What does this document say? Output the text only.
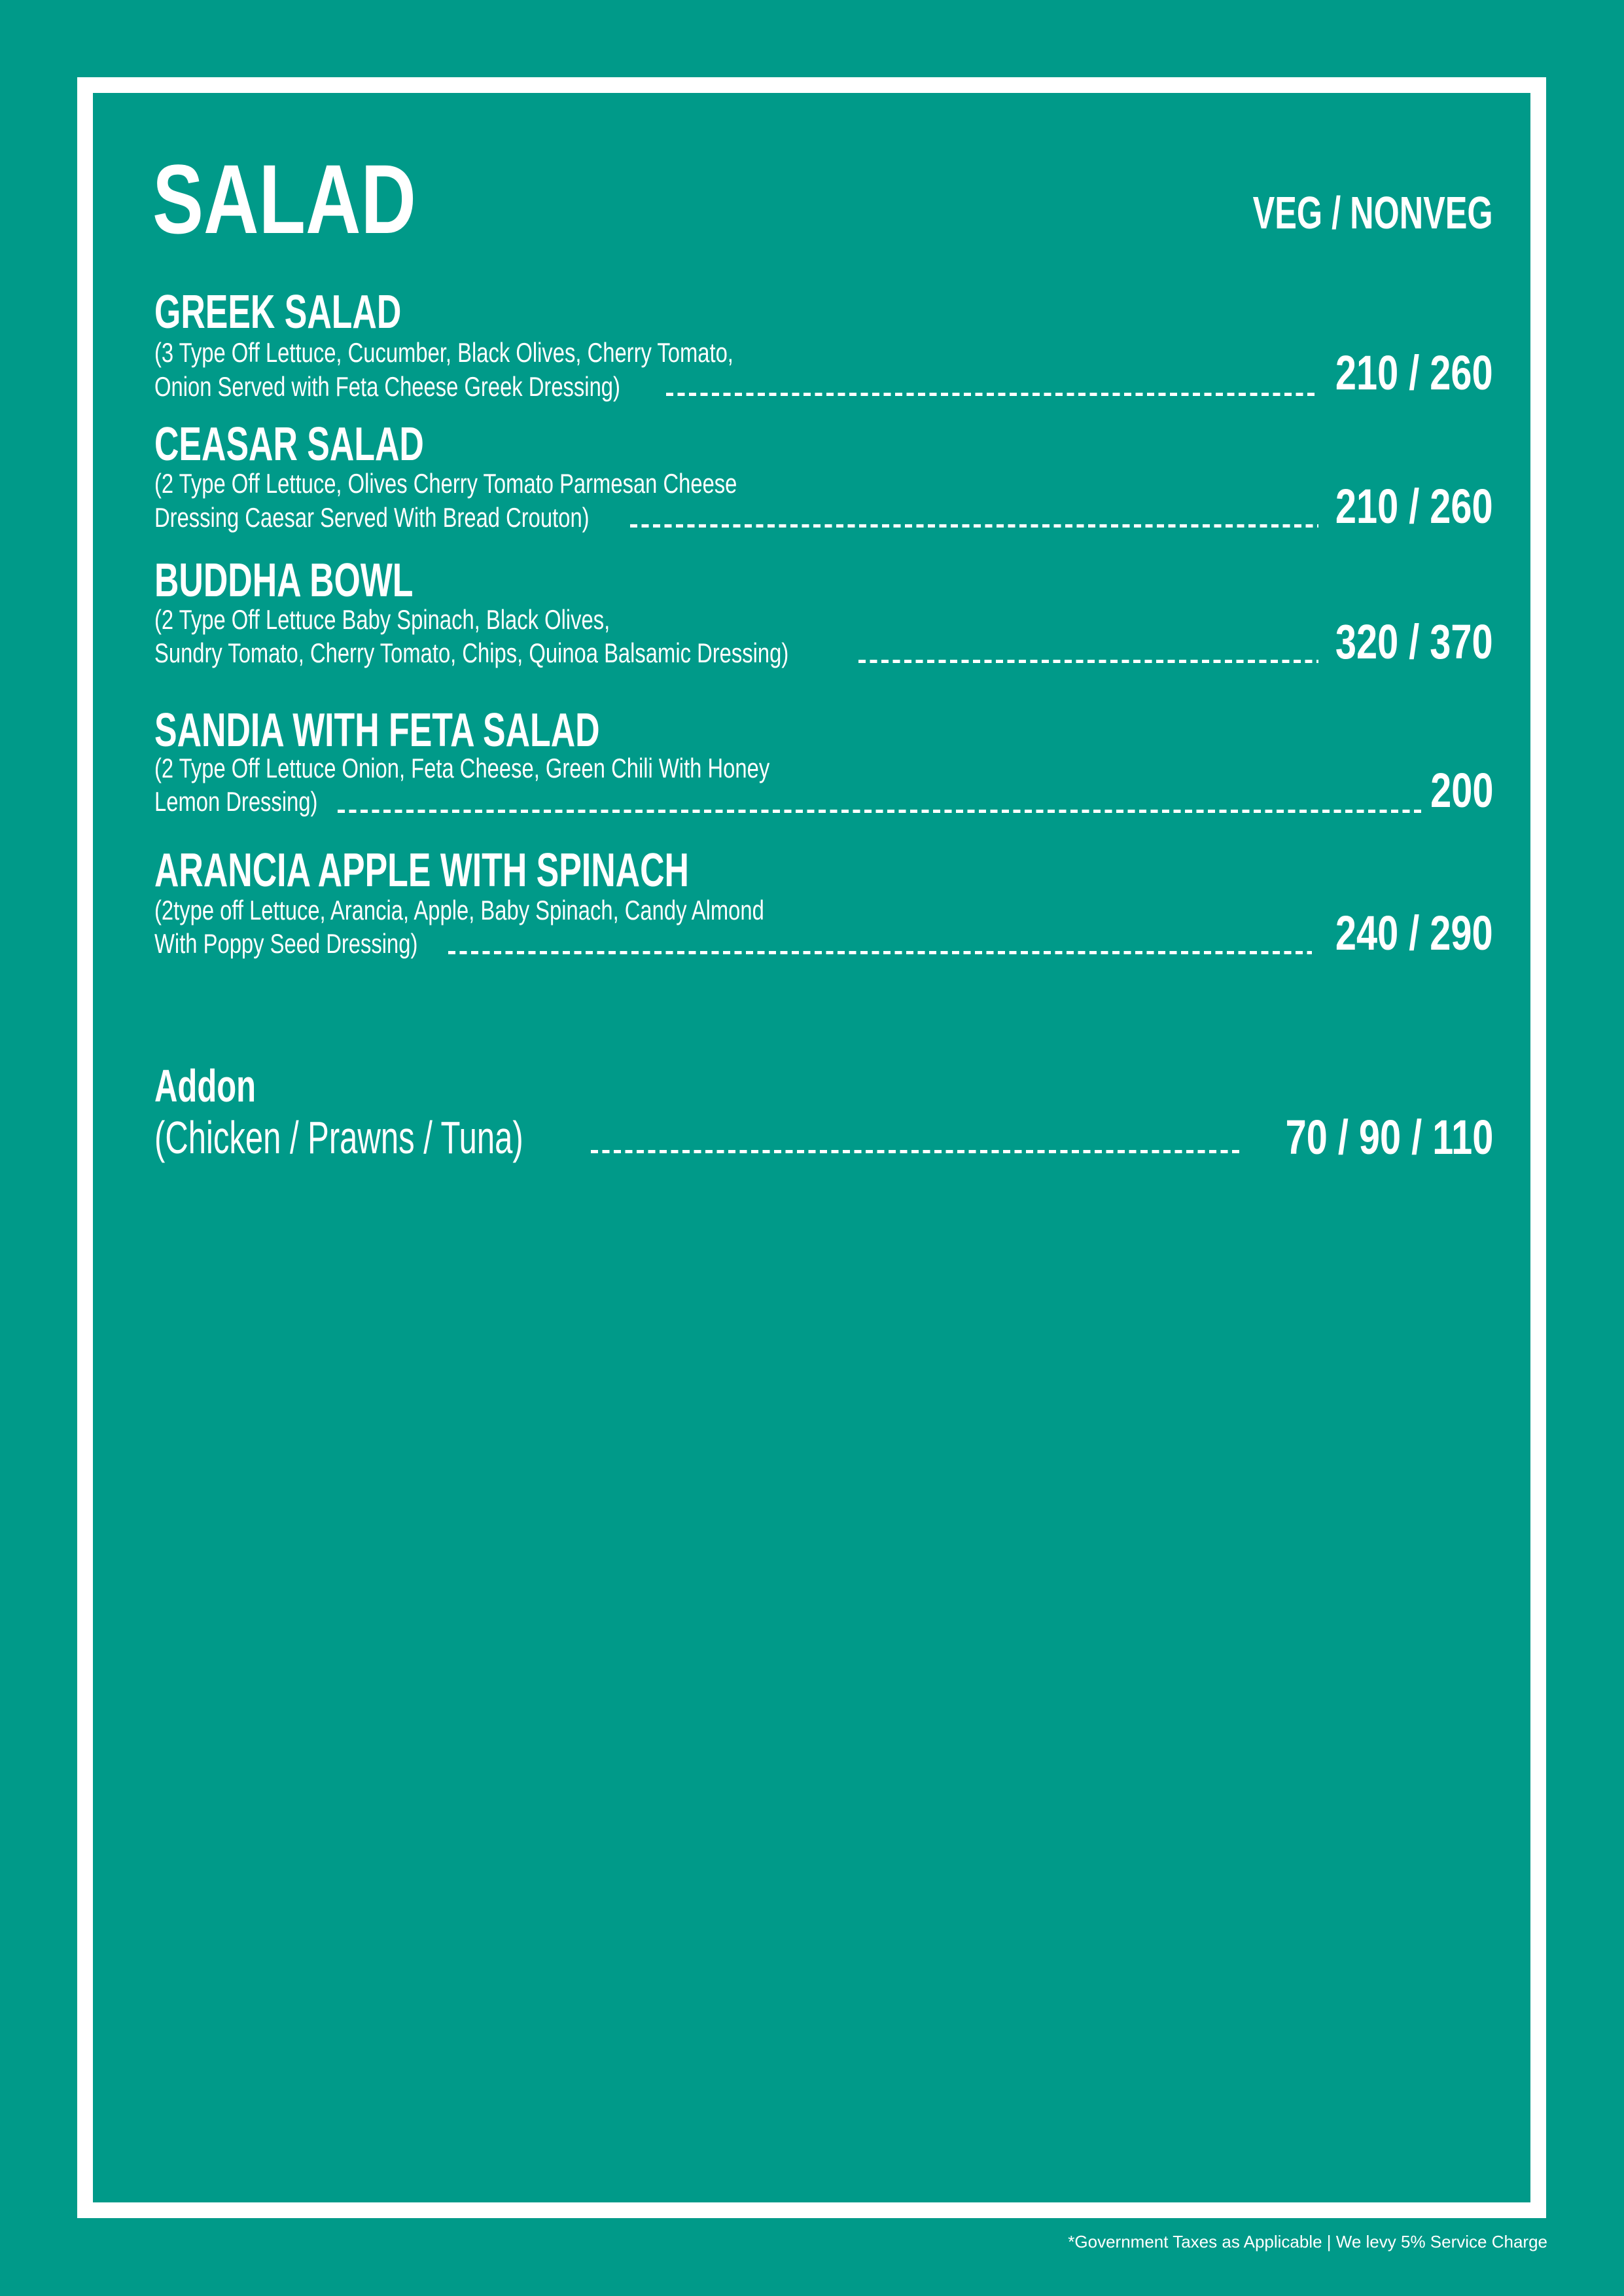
SALAD	VEG / NONVEG
GREEK SALAD
(3 Type Off Lettuce, Cucumber, Black Olives, Cherry Tomato,
Onion Served with Feta Cheese Greek Dressing)	210 / 260
CEASAR SALAD
(2 Type Off Lettuce, Olives Cherry Tomato Parmesan Cheese
Dressing Caesar Served With Bread Crouton)	210 / 260
BUDDHA BOWL
(2 Type Off Lettuce Baby Spinach, Black Olives,
Sundry Tomato, Cherry Tomato, Chips, Quinoa Balsamic Dressing)	320 / 370
SANDIA WITH FETA SALAD
(2 Type Off Lettuce Onion, Feta Cheese, Green Chili With Honey
Lemon Dressing)	200
ARANCIA APPLE WITH SPINACH
(2type off Lettuce, Arancia, Apple, Baby Spinach, Candy Almond
With Poppy Seed Dressing)	240 / 290
Addon
(Chicken / Prawns / Tuna)	70 / 90 / 110
*Government Taxes as Applicable | We levy 5% Service Charge
